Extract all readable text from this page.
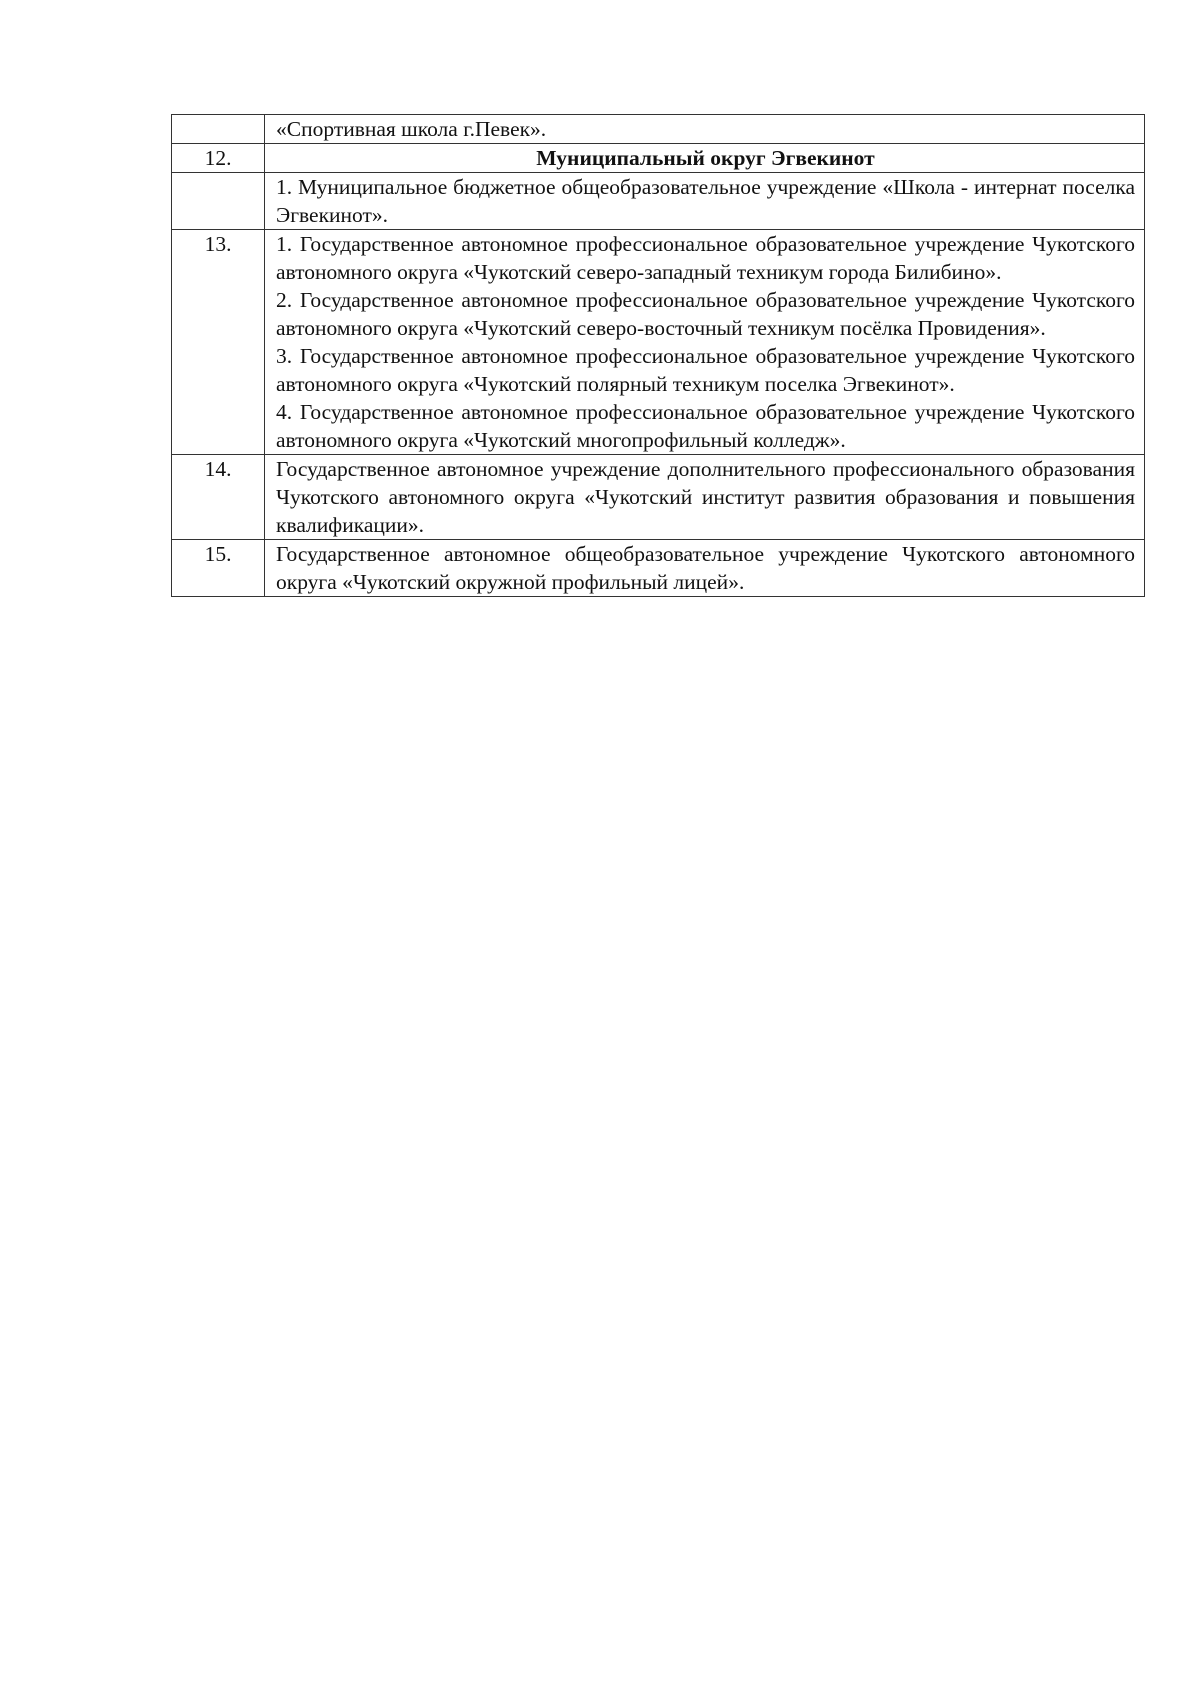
	«Спортивная школа г.Певек».

12.	Муниципальный округ Эгвекинот

	1. Муниципальное бюджетное общеобразовательное учреждение «Школа - интернат поселка Эгвекинот».

13.	1. Государственное автономное профессиональное образовательное учреждение Чукотского автономного округа «Чукотский северо-западный техникум города Билибино».
2. Государственное автономное профессиональное образовательное учреждение Чукотского автономного округа «Чукотский северо-восточный техникум посёлка Провидения».
3. Государственное автономное профессиональное образовательное учреждение Чукотского автономного округа «Чукотский полярный техникум поселка Эгвекинот».
4. Государственное автономное профессиональное образовательное учреждение Чукотского автономного округа «Чукотский многопрофильный колледж».

14.	Государственное автономное учреждение дополнительного профессионального образования Чукотского автономного округа «Чукотский институт развития образования и повышения квалификации».

15.	Государственное автономное общеобразовательное учреждение Чукотского автономного округа «Чукотский окружной профильный лицей».
